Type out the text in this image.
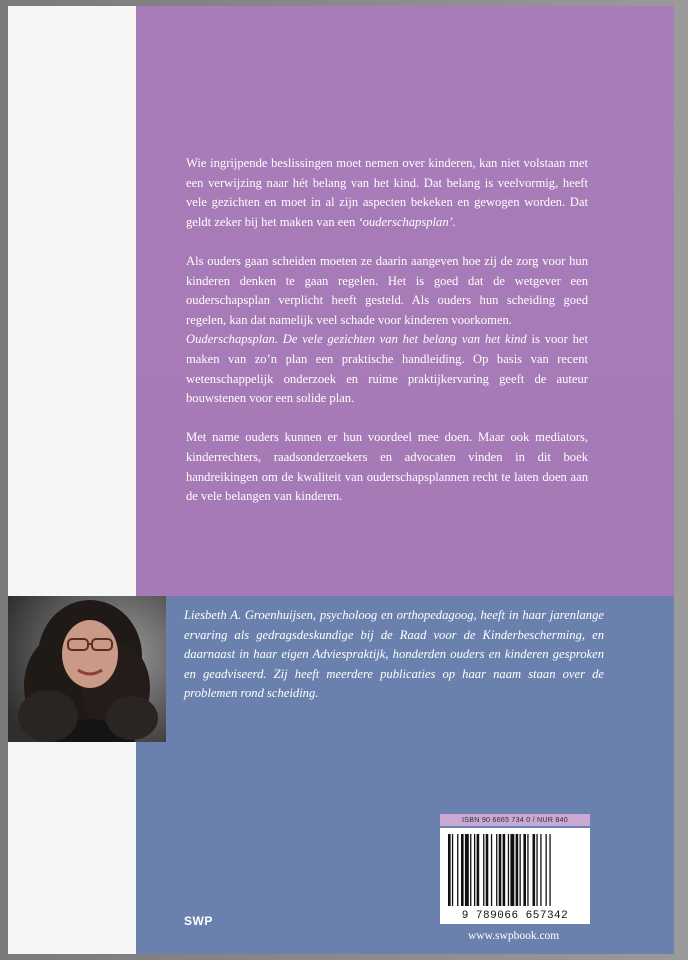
Wie ingrijpende beslissingen moet nemen over kinderen, kan niet volstaan met een verwijzing naar hét belang van het kind. Dat belang is veelvormig, heeft vele gezichten en moet in al zijn aspecten bekeken en gewogen worden. Dat geldt zeker bij het maken van een ‘ouderschapsplan’.

Als ouders gaan scheiden moeten ze daarin aangeven hoe zij de zorg voor hun kinderen denken te gaan regelen. Het is goed dat de wetgever een ouderschapsplan verplicht heeft gesteld. Als ouders hun scheiding goed regelen, kan dat namelijk veel schade voor kinderen voorkomen.

Ouderschapsplan. De vele gezichten van het belang van het kind is voor het maken van zo’n plan een praktische handleiding. Op basis van recent wetenschappelijk onderzoek en ruime praktijkervaring geeft de auteur bouwstenen voor een solide plan.

Met name ouders kunnen er hun voordeel mee doen. Maar ook mediators, kinderrechters, raadsonderzoekers en advocaten vinden in dit boek handreikingen om de kwaliteit van ouderschapsplannen recht te laten doen aan de vele belangen van kinderen.

Liesbeth A. Groenhuijsen, psycholoog en orthopedagoog, heeft in haar jarenlange ervaring als gedragsdeskundige bij de Raad voor de Kinderbescherming, en daarnaast in haar eigen Adviespraktijk, honderden ouders en kinderen gesproken en geadviseerd. Zij heeft meerdere publicaties op haar naam staan over de problemen rond scheiding.
ISBN 90 6665 734 0 / NUR 840
9 789066 657342
SWP
www.swpbook.com
